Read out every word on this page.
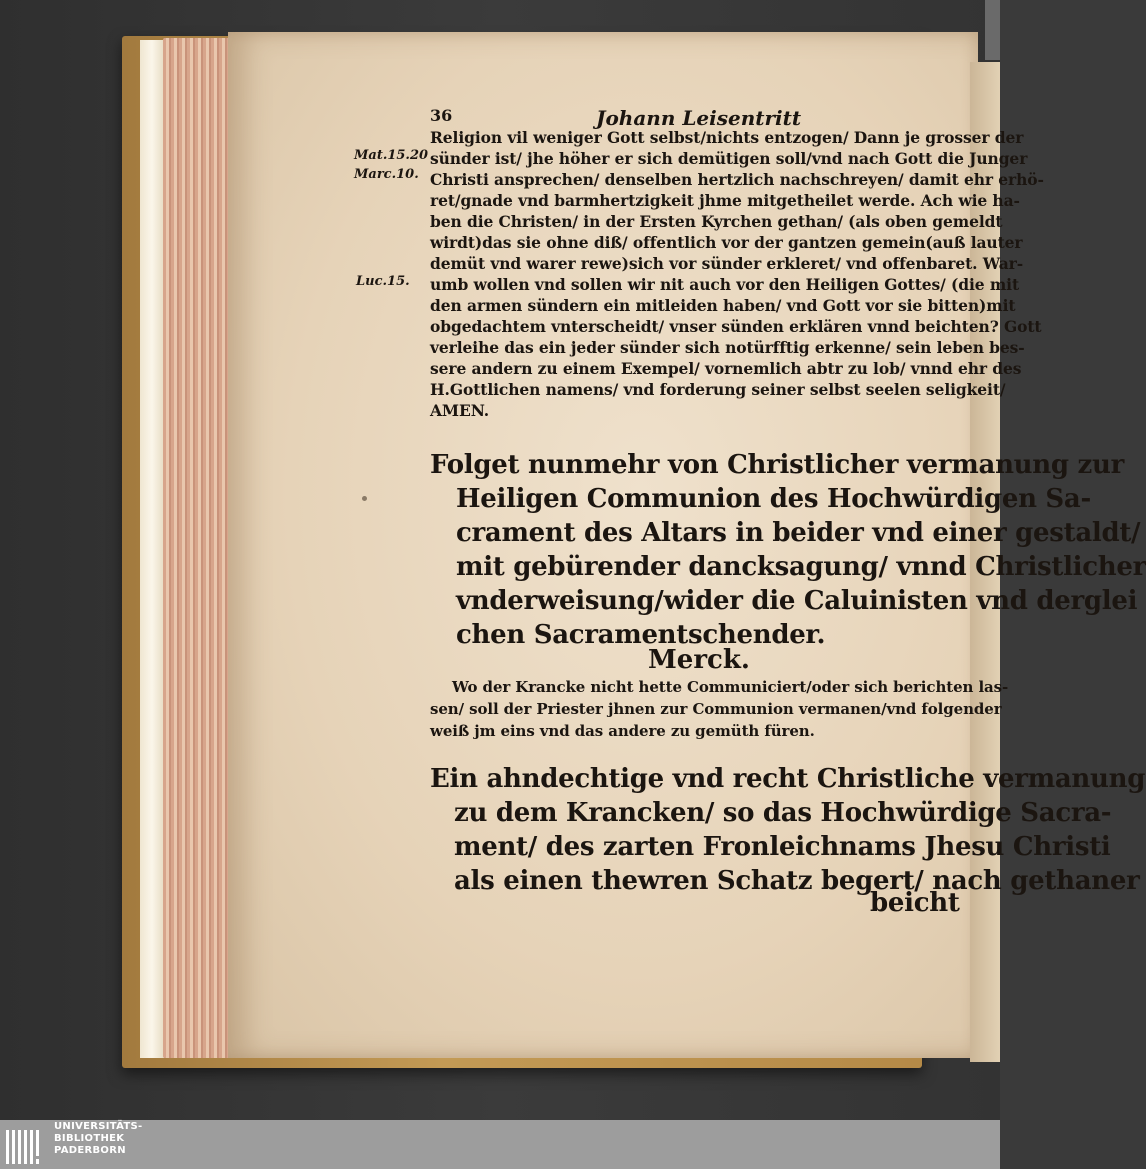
36	Johann Leisentritt
Mat.15.20
Marc.10.
Luc.15.
Religion vil weniger Gott selbst/nichts entzogen/ Dann je grosser der
sünder ist/ jhe höher er sich demütigen soll/vnd nach Gott die Junger
Christi ansprechen/ denselben hertzlich nachschreyen/ damit ehr erhö-
ret/gnade vnd barmhertzigkeit jhme mitgetheilet werde. Ach wie ha-
ben die Christen/ in der Ersten Kyrchen gethan/ (als oben gemeldt
wirdt)das sie ohne diß/ offentlich vor der gantzen gemein(auß lauter
demüt vnd warer rewe)sich vor sünder erkleret/ vnd offenbaret. War-
umb wollen vnd sollen wir nit auch vor den Heiligen Gottes/ (die mit
den armen sündern ein mitleiden haben/ vnd Gott vor sie bitten)mit
obgedachtem vnterscheidt/ vnser sünden erklären vnnd beichten? Gott
verleihe das ein jeder sünder sich notürfftig erkenne/ sein leben bes-
sere andern zu einem Exempel/ vornemlich abtr zu lob/ vnnd ehr des
H.Gottlichen namens/ vnd forderung seiner selbst seelen seligkeit/
AMEN.
Folget nunmehr von Christlicher vermanung zur
Heiligen Communion des Hochwürdigen Sa-
crament des Altars in beider vnd einer gestaldt/
mit gebürender dancksagung/ vnnd Christlicher
vnderweisung/wider die Caluinisten vnd derglei
chen Sacramentschender.
Merck.
Wo der Krancke nicht hette Communiciert/oder sich berichten las-
sen/ soll der Priester jhnen zur Communion vermanen/vnd folgender
weiß jm eins vnd das andere zu gemüth füren.
Ein ahndechtige vnd recht Christliche vermanung
zu dem Krancken/ so das Hochwürdige Sacra-
ment/ des zarten Fronleichnams Jhesu Christi
als einen thewren Schatz begert/ nach gethaner
beicht
UNIVERSITÄTS-
BIBLIOTHEK
PADERBORN
